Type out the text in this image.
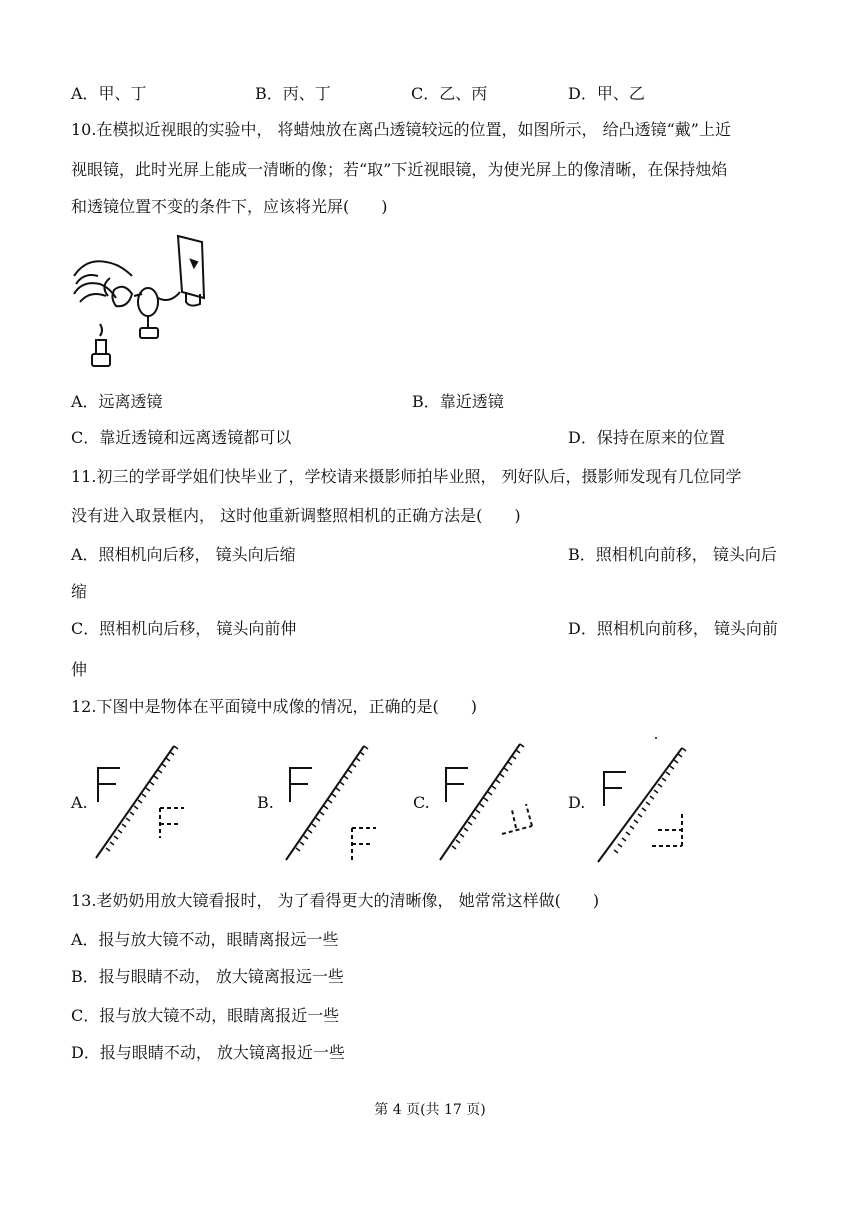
A．甲、丁	B．丙、丁	C．乙、丙	D．甲、乙
10.在模拟近视眼的实验中， 将蜡烛放在离凸透镜较远的位置，如图所示， 给凸透镜“戴”上近
视眼镜，此时光屏上能成一清晰的像；若“取”下近视眼镜，为使光屏上的像清晰，在保持烛焰
和透镜位置不变的条件下，应该将光屏(　　)
A．远离透镜	B．靠近透镜
C．靠近透镜和远离透镜都可以	D．保持在原来的位置
11.初三的学哥学姐们快毕业了，学校请来摄影师拍毕业照， 列好队后，摄影师发现有几位同学
没有进入取景框内， 这时他重新调整照相机的正确方法是(　　)
A．照相机向后移， 镜头向后缩	B．照相机向前移， 镜头向后
缩
C．照相机向后移， 镜头向前伸	D．照相机向前移， 镜头向前
伸
12.下图中是物体在平面镜中成像的情况，正确的是(　　)
A.	B.	C.	D.
13.老奶奶用放大镜看报时， 为了看得更大的清晰像， 她常常这样做(　　)
A．报与放大镜不动，眼睛离报远一些
B．报与眼睛不动， 放大镜离报远一些
C．报与放大镜不动，眼睛离报近一些
D．报与眼睛不动， 放大镜离报近一些
第 4 页(共 17 页)
